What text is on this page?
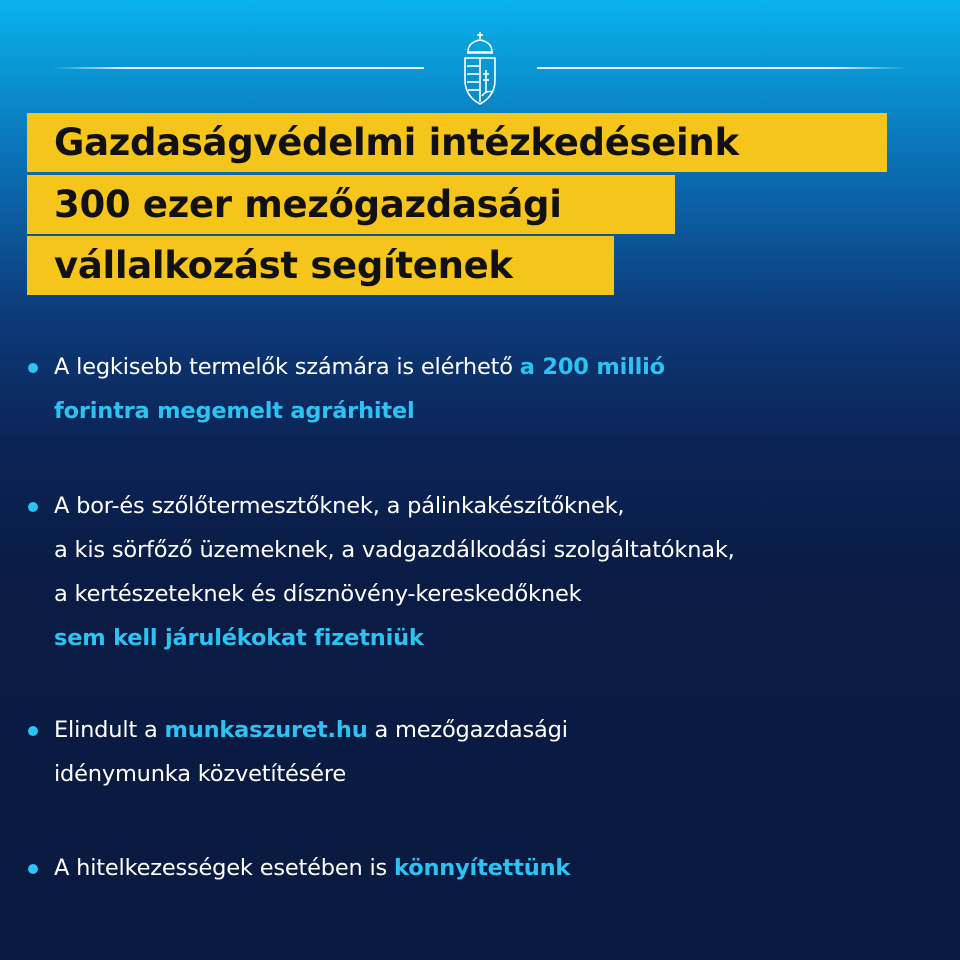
Gazdaságvédelmi intézkedéseink
300 ezer mezőgazdasági
vállalkozást segítenek
A legkisebb termelők számára is elérhető a 200 millió
forintra megemelt agrárhitel
A bor-és szőlőtermesztőknek, a pálinkakészítőknek,
a kis sörfőző üzemeknek, a vadgazdálkodási szolgáltatóknak,
a kertészeteknek és dísznövény-kereskedőknek
sem kell járulékokat fizetniük
Elindult a munkaszuret.hu a mezőgazdasági
idénymunka közvetítésére
A hitelkezességek esetében is könnyítettünk
